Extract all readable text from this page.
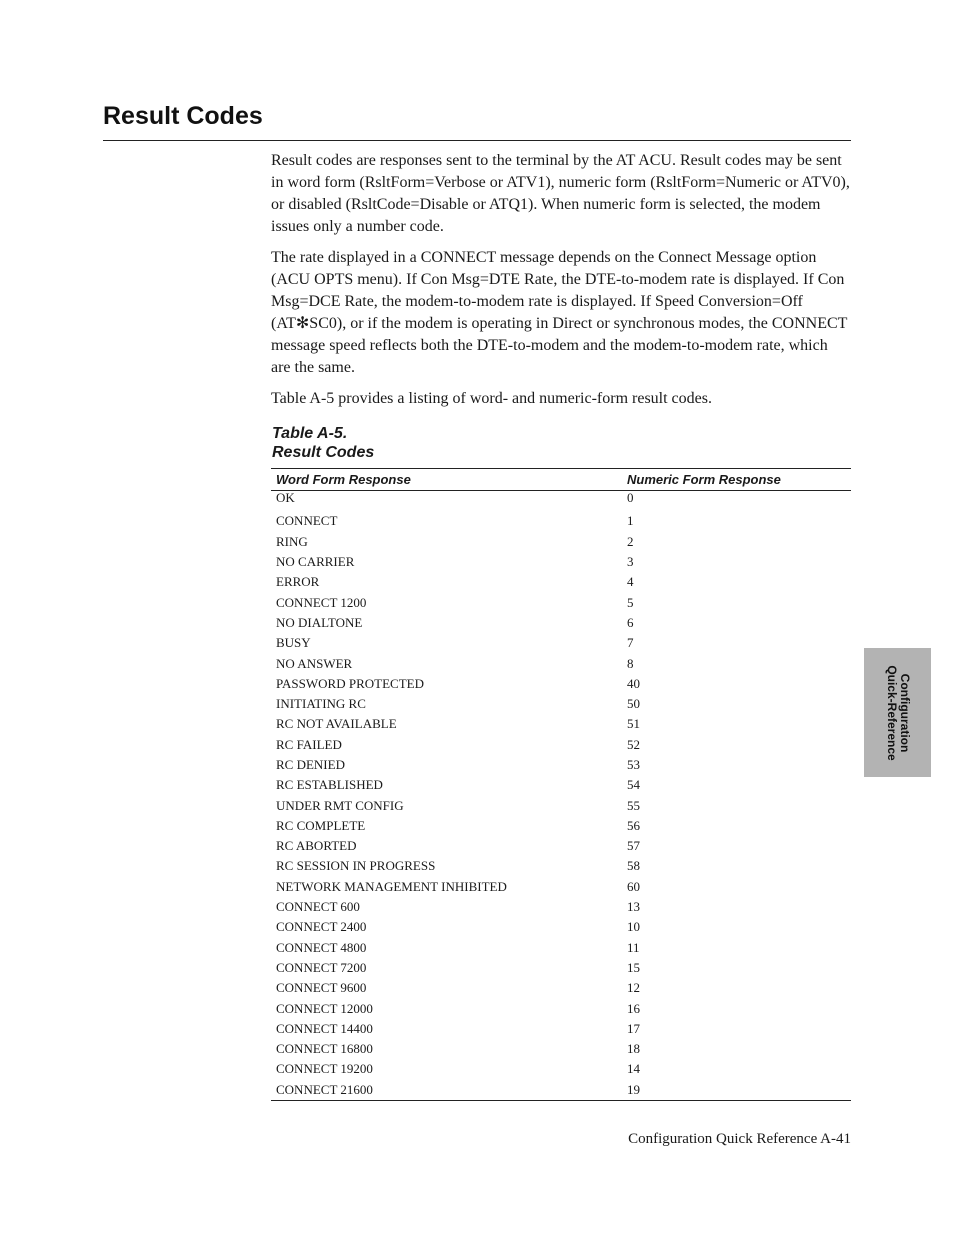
Result Codes

Result codes are responses sent to the terminal by the AT ACU. Result codes may be sent in word form (RsltForm=Verbose or ATV1), numeric form (RsltForm=Numeric or ATV0), or disabled (RsltCode=Disable or ATQ1). When numeric form is selected, the modem issues only a number code.

The rate displayed in a CONNECT message depends on the Connect Message option (ACU OPTS menu). If Con Msg=DTE Rate, the DTE-to-modem rate is displayed. If Con Msg=DCE Rate, the modem-to-modem rate is displayed. If Speed Conversion=Off (AT✻SC0), or if the modem is operating in Direct or synchronous modes, the CONNECT message speed reflects both the DTE-to-modem and the modem-to-modem rate, which are the same.

Table A-5 provides a listing of word- and numeric-form result codes.

Table A-5.
Result Codes
Word Form Response	Numeric Form Response
OK	0
CONNECT	1
RING	2
NO CARRIER	3
ERROR	4
CONNECT 1200	5
NO DIALTONE	6
BUSY	7
NO ANSWER	8
PASSWORD PROTECTED	40
INITIATING RC	50
RC NOT AVAILABLE	51
RC FAILED	52
RC DENIED	53
RC ESTABLISHED	54
UNDER RMT CONFIG	55
RC COMPLETE	56
RC ABORTED	57
RC SESSION IN PROGRESS	58
NETWORK MANAGEMENT INHIBITED	60
CONNECT 600	13
CONNECT 2400	10
CONNECT 4800	11
CONNECT 7200	15
CONNECT 9600	12
CONNECT 12000	16
CONNECT 14400	17
CONNECT 16800	18
CONNECT 19200	14
CONNECT 21600	19
Configuration
Quick-Reference
Configuration Quick Reference A-41
